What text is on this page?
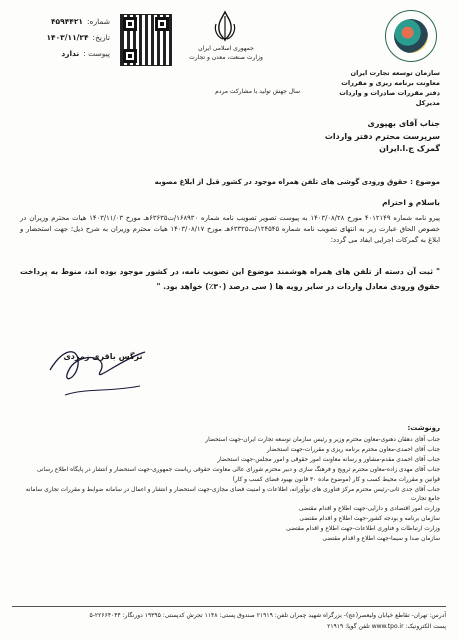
شماره:
۴۵۹۴۴۲۱
تاریخ:
۱۴۰۳/۱۱/۲۴
پیوست :
ندارد
جمهوری اسلامی ایران
وزارت صنعت، معدن و تجارت
سال جهش تولید با مشارکت مردم
سازمان توسعه تجارت ایران
معاونت برنامه ریزی و مقررات
دفتر مقررات صادرات و واردات
مدیرکل
جناب آقای بهپوری
سرپرست محترم دفتر واردات
گمرک ج.ا.ایران
موضوع : حقوق ورودی گوشی های تلفن همراه موجود در کشور قبل از ابلاغ مصوبه
باسلام و احترام
پیرو نامه شماره ۴۰۱۲۱۴۹ مورخ ۱۴۰۳/۰۸/۲۸ به پیوست تصویر تصویب نامه شماره ۱۶۸۹۳۰/ت۶۳۶۳۵هـ مورخ ۱۴۰۳/۱۱/۰۳ هیات محترم وزیران در خصوص الحاق عبارت زیر به انتهای تصویب نامه شماره ۱۲۴۵۴۵/ت۶۳۳۲۵هـ مورخ ۱۴۰۳/۰۸/۱۷ هیات محترم وزیران به شرح ذیل؛ جهت استحضار و ابلاغ به گمرکات اجرایی ایفاد می گردد:
" ثبت آن دسته از تلفن های همراه هوشمند موضوع این تصویب نامه، در کشور موجود بوده اند، منوط به پرداخت حقوق ورودی معادل واردات در سایر رویه ها ( سی درصد (۳۰٪) خواهد بود. "
نرگس باقری زمردی
رونوشت:
جناب آقای دهقان دهنوی-معاون محترم وزیر و رئیس سازمان توسعه تجارت ایران-جهت استحضار
جناب آقای احمدی-معاون محترم برنامه ریزی و مقررات-جهت استحضار
جناب آقای احمدی مقدم-مشاور و رسانه معاونت امور حقوقی و امور مجلس-جهت استحضار
جناب آقای مهدی زاده-معاون محترم ترویج و فرهنگ سازی و دبیر محترم شورای عالی معاونت حقوقی ریاست جمهوری-جهت استحضار و انتشار در پایگاه اطلاع رسانی قوانین و مقررات محیط کسب و کار (موضوع ماده ۳۰ قانون بهبود فضای کسب و کار)
جناب آقای جدی ثانی-رئیس محترم مرکز فناوری های نوآورانه، اطلاعات و امنیت فضای مجازی-جهت استحضار و انتشار و اعمال در سامانه ضوابط و مقررات تجاری سامانه جامع تجارت
وزارت امور اقتصادی و دارایی-جهت اطلاع و اقدام مقتضی
سازمان برنامه و بودجه کشور-جهت اطلاع و اقدام مقتضی
وزارت ارتباطات و فناوری اطلاعات-جهت اطلاع و اقدام مقتضی
سازمان صدا و سیما-جهت اطلاع و اقدام مقتضی
آدرس: تهران- تقاطع خیابان ولیعصر(عج)- بزرگراه شهید چمران تلفن: ۲۱۹۱۹ صندوق پستی: ۱۱۴۸ تجرش کدپستی: ۱۹۳۹۵ دورنگار: ۲۲۶۶۴۰۴۴-۵
پست الکترونیک: www.tpo.ir تلفن گویا: ۲۱۹۱۹
